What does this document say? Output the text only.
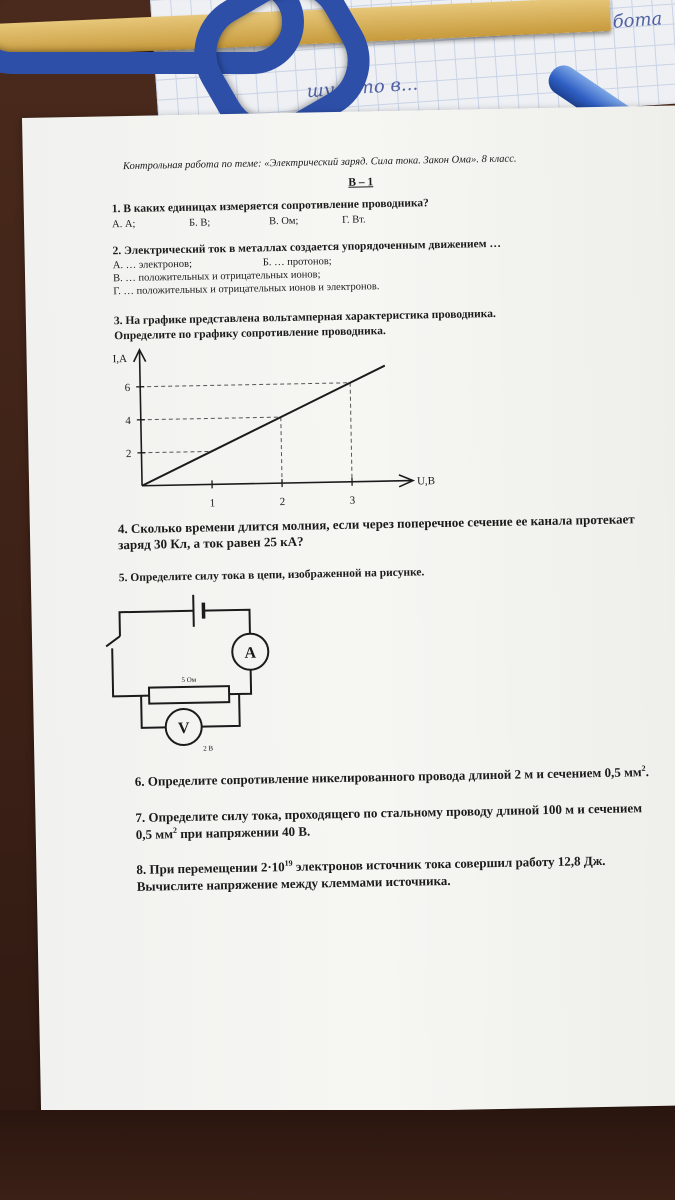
шу, что в...
бота
Контрольная работа по теме: «Электрический заряд. Сила тока. Закон Ома». 8 класс.
В – 1
1. В каких единицах измеряется сопротивление проводника?
А. А;	Б. В;	В. Ом;	Г. Вт.
2. Электрический ток в металлах создается упорядоченным движением …
А. … электронов;	Б. … протонов;
В. … положительных и отрицательных ионов;
Г. … положительных и отрицательных ионов и электронов.
3. На графике представлена вольтамперная характеристика проводника.
Определите по графику сопротивление проводника.
I,А
U,В
1	2	3
2
4
6
4. Сколько времени длится молния, если через поперечное сечение ее канала протекает
заряд 30 Кл, а ток равен 25 кА?
5. Определите силу тока в цепи, изображенной на рисунке.
A
V
5 Ом
2 В
6. Определите сопротивление никелированного провода длиной 2 м и сечением 0,5 $мм^2$.
7. Определите силу тока, проходящего по стальному проводу длиной 100 м и сечением
0,5 $мм^2$ при напряжении 40 В.
8. При перемещении $2\cdot 10^{19}$ электронов источник тока совершил работу 12,8 Дж.
Вычислите напряжение между клеммами источника.
